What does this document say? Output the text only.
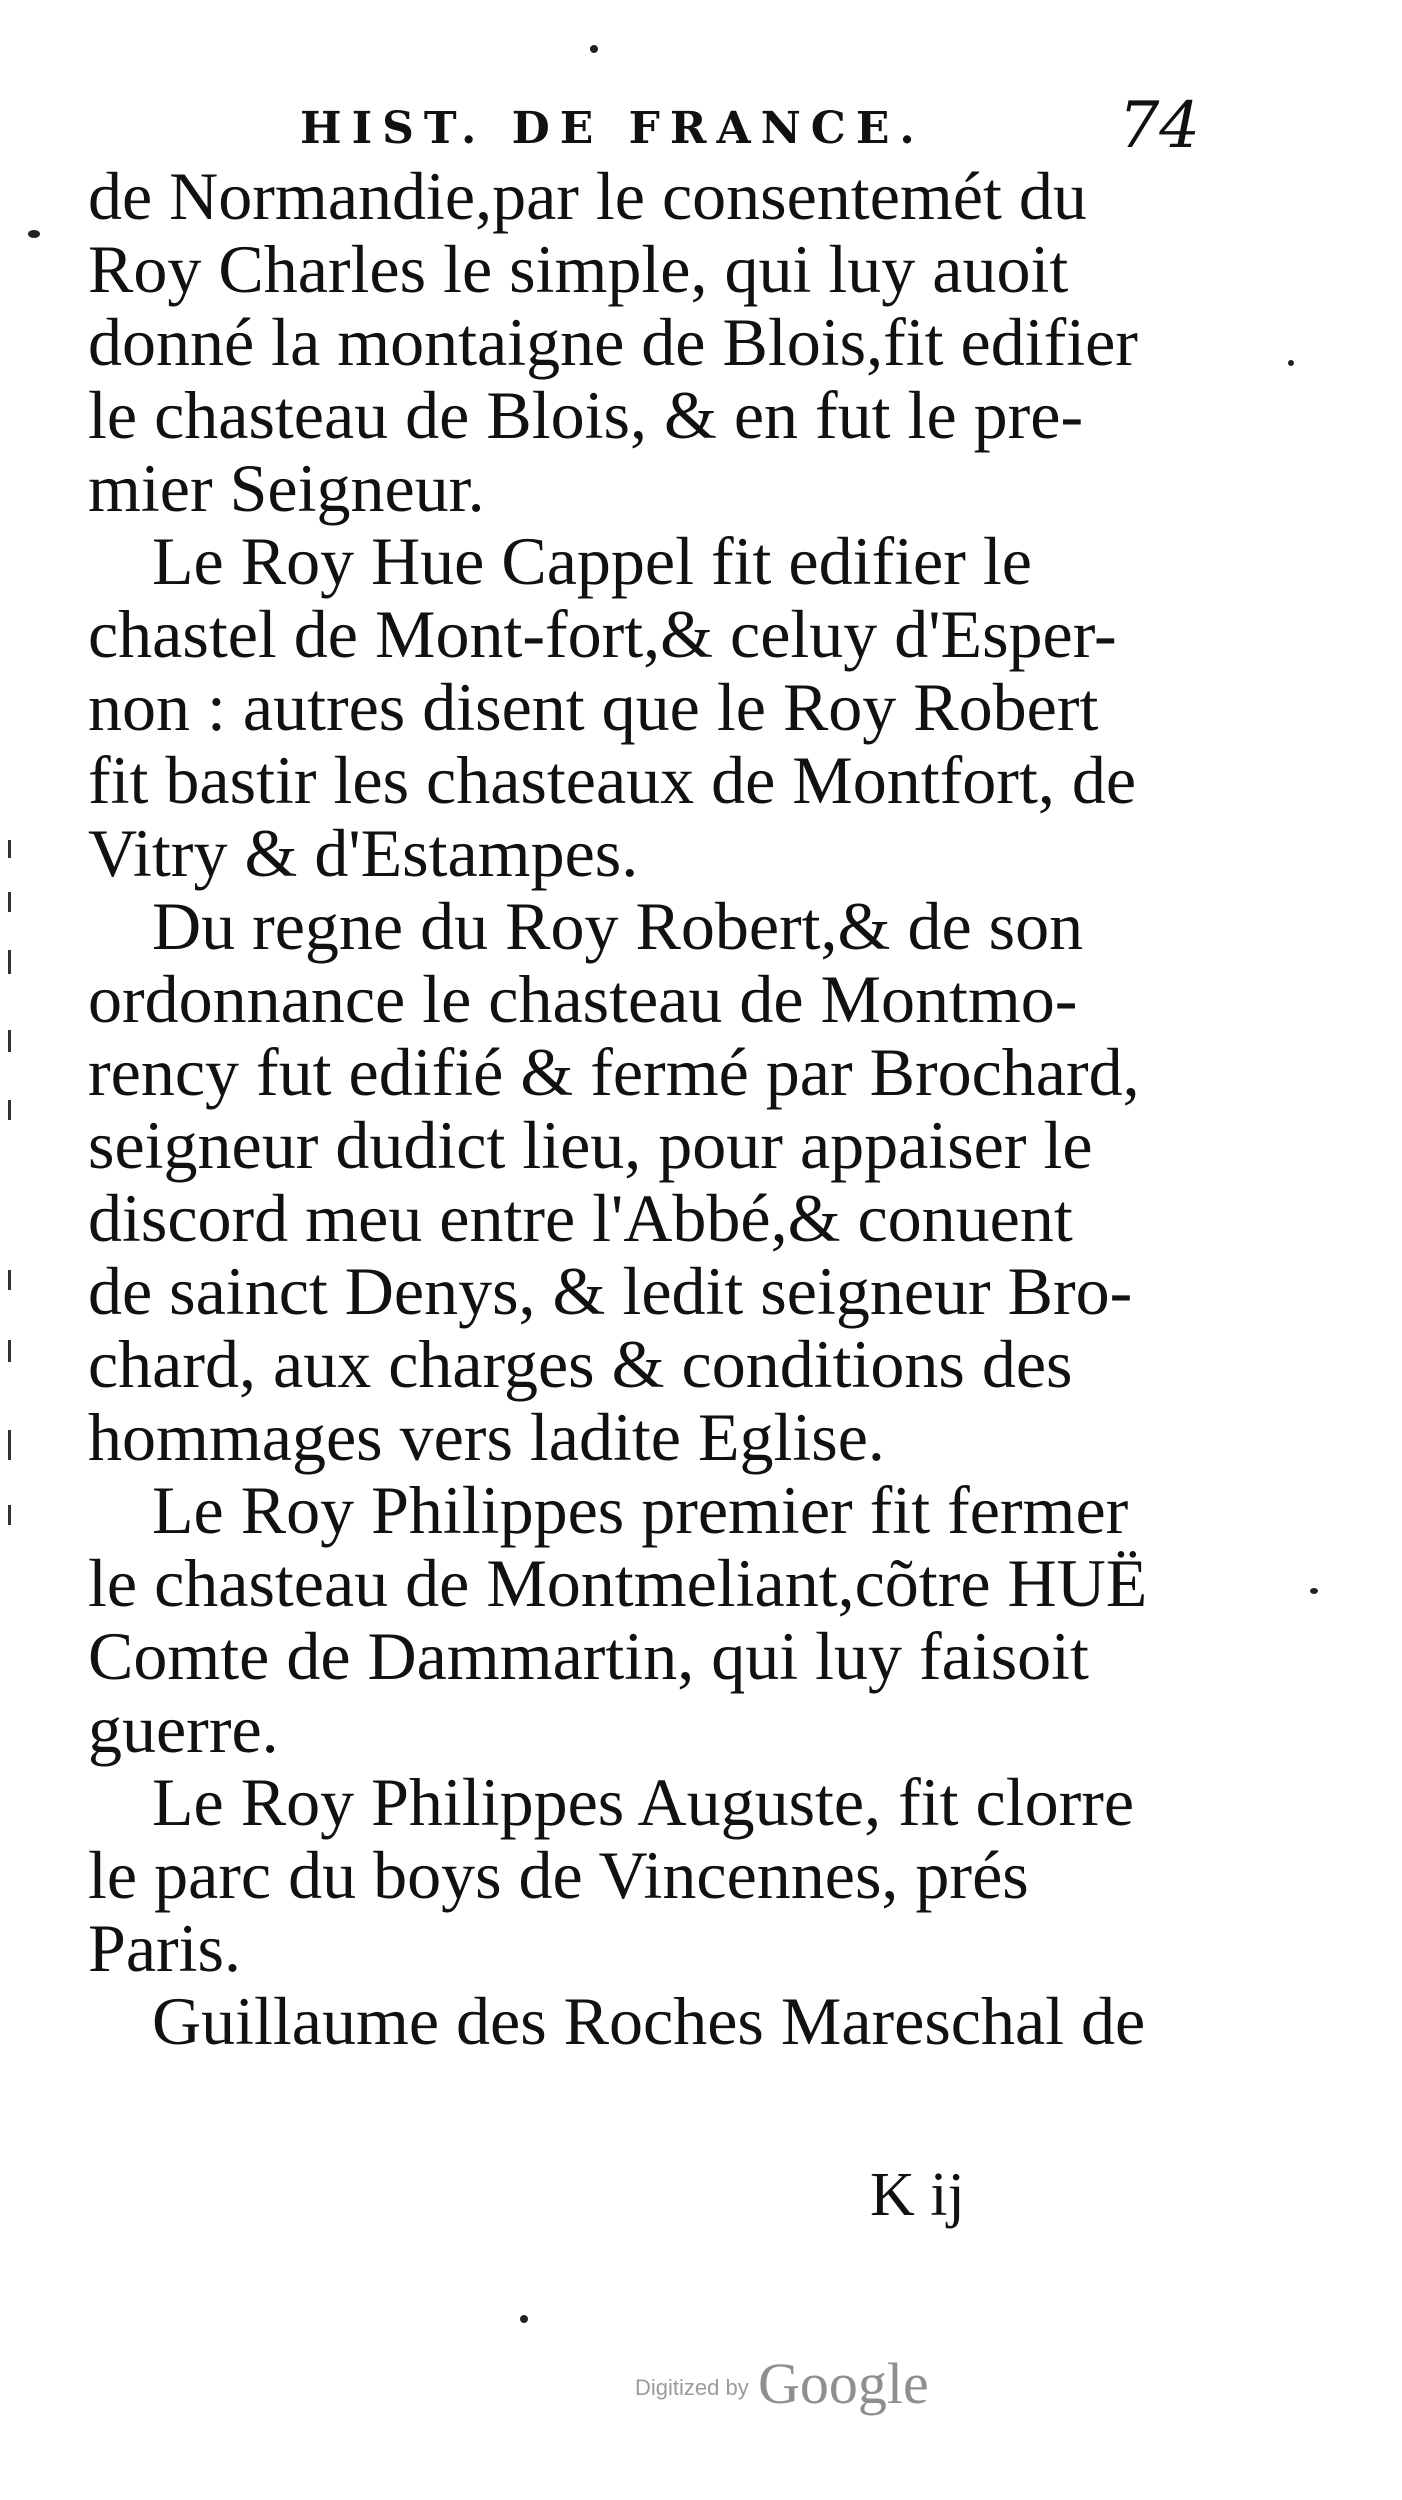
HIST. DE FRANCE.	74
de Normandie,par le consentemét du
Roy Charles le simple, qui luy auoit
donné la montaigne de Blois,fit edifier
le chasteau de Blois, & en fut le pre-
mier Seigneur.
Le Roy Hue Cappel fit edifier le
chastel de Mont-fort,& celuy d'Esper-
non : autres disent que le Roy Robert
fit bastir les chasteaux de Montfort, de
Vitry & d'Estampes.
Du regne du Roy Robert,& de son
ordonnance le chasteau de Montmo-
rency fut edifié & fermé par Brochard,
seigneur dudict lieu, pour appaiser le
discord meu entre l'Abbé,& conuent
de sainct Denys, & ledit seigneur Bro-
chard, aux charges & conditions des
hommages vers ladite Eglise.
Le Roy Philippes premier fit fermer
le chasteau de Montmeliant,cõtre HUË
Comte de Dammartin, qui luy faisoit
guerre.
Le Roy Philippes Auguste, fit clorre
le parc du boys de Vincennes, prés
Paris.
Guillaume des Roches Mareschal de
K ij
Digitized by Google
